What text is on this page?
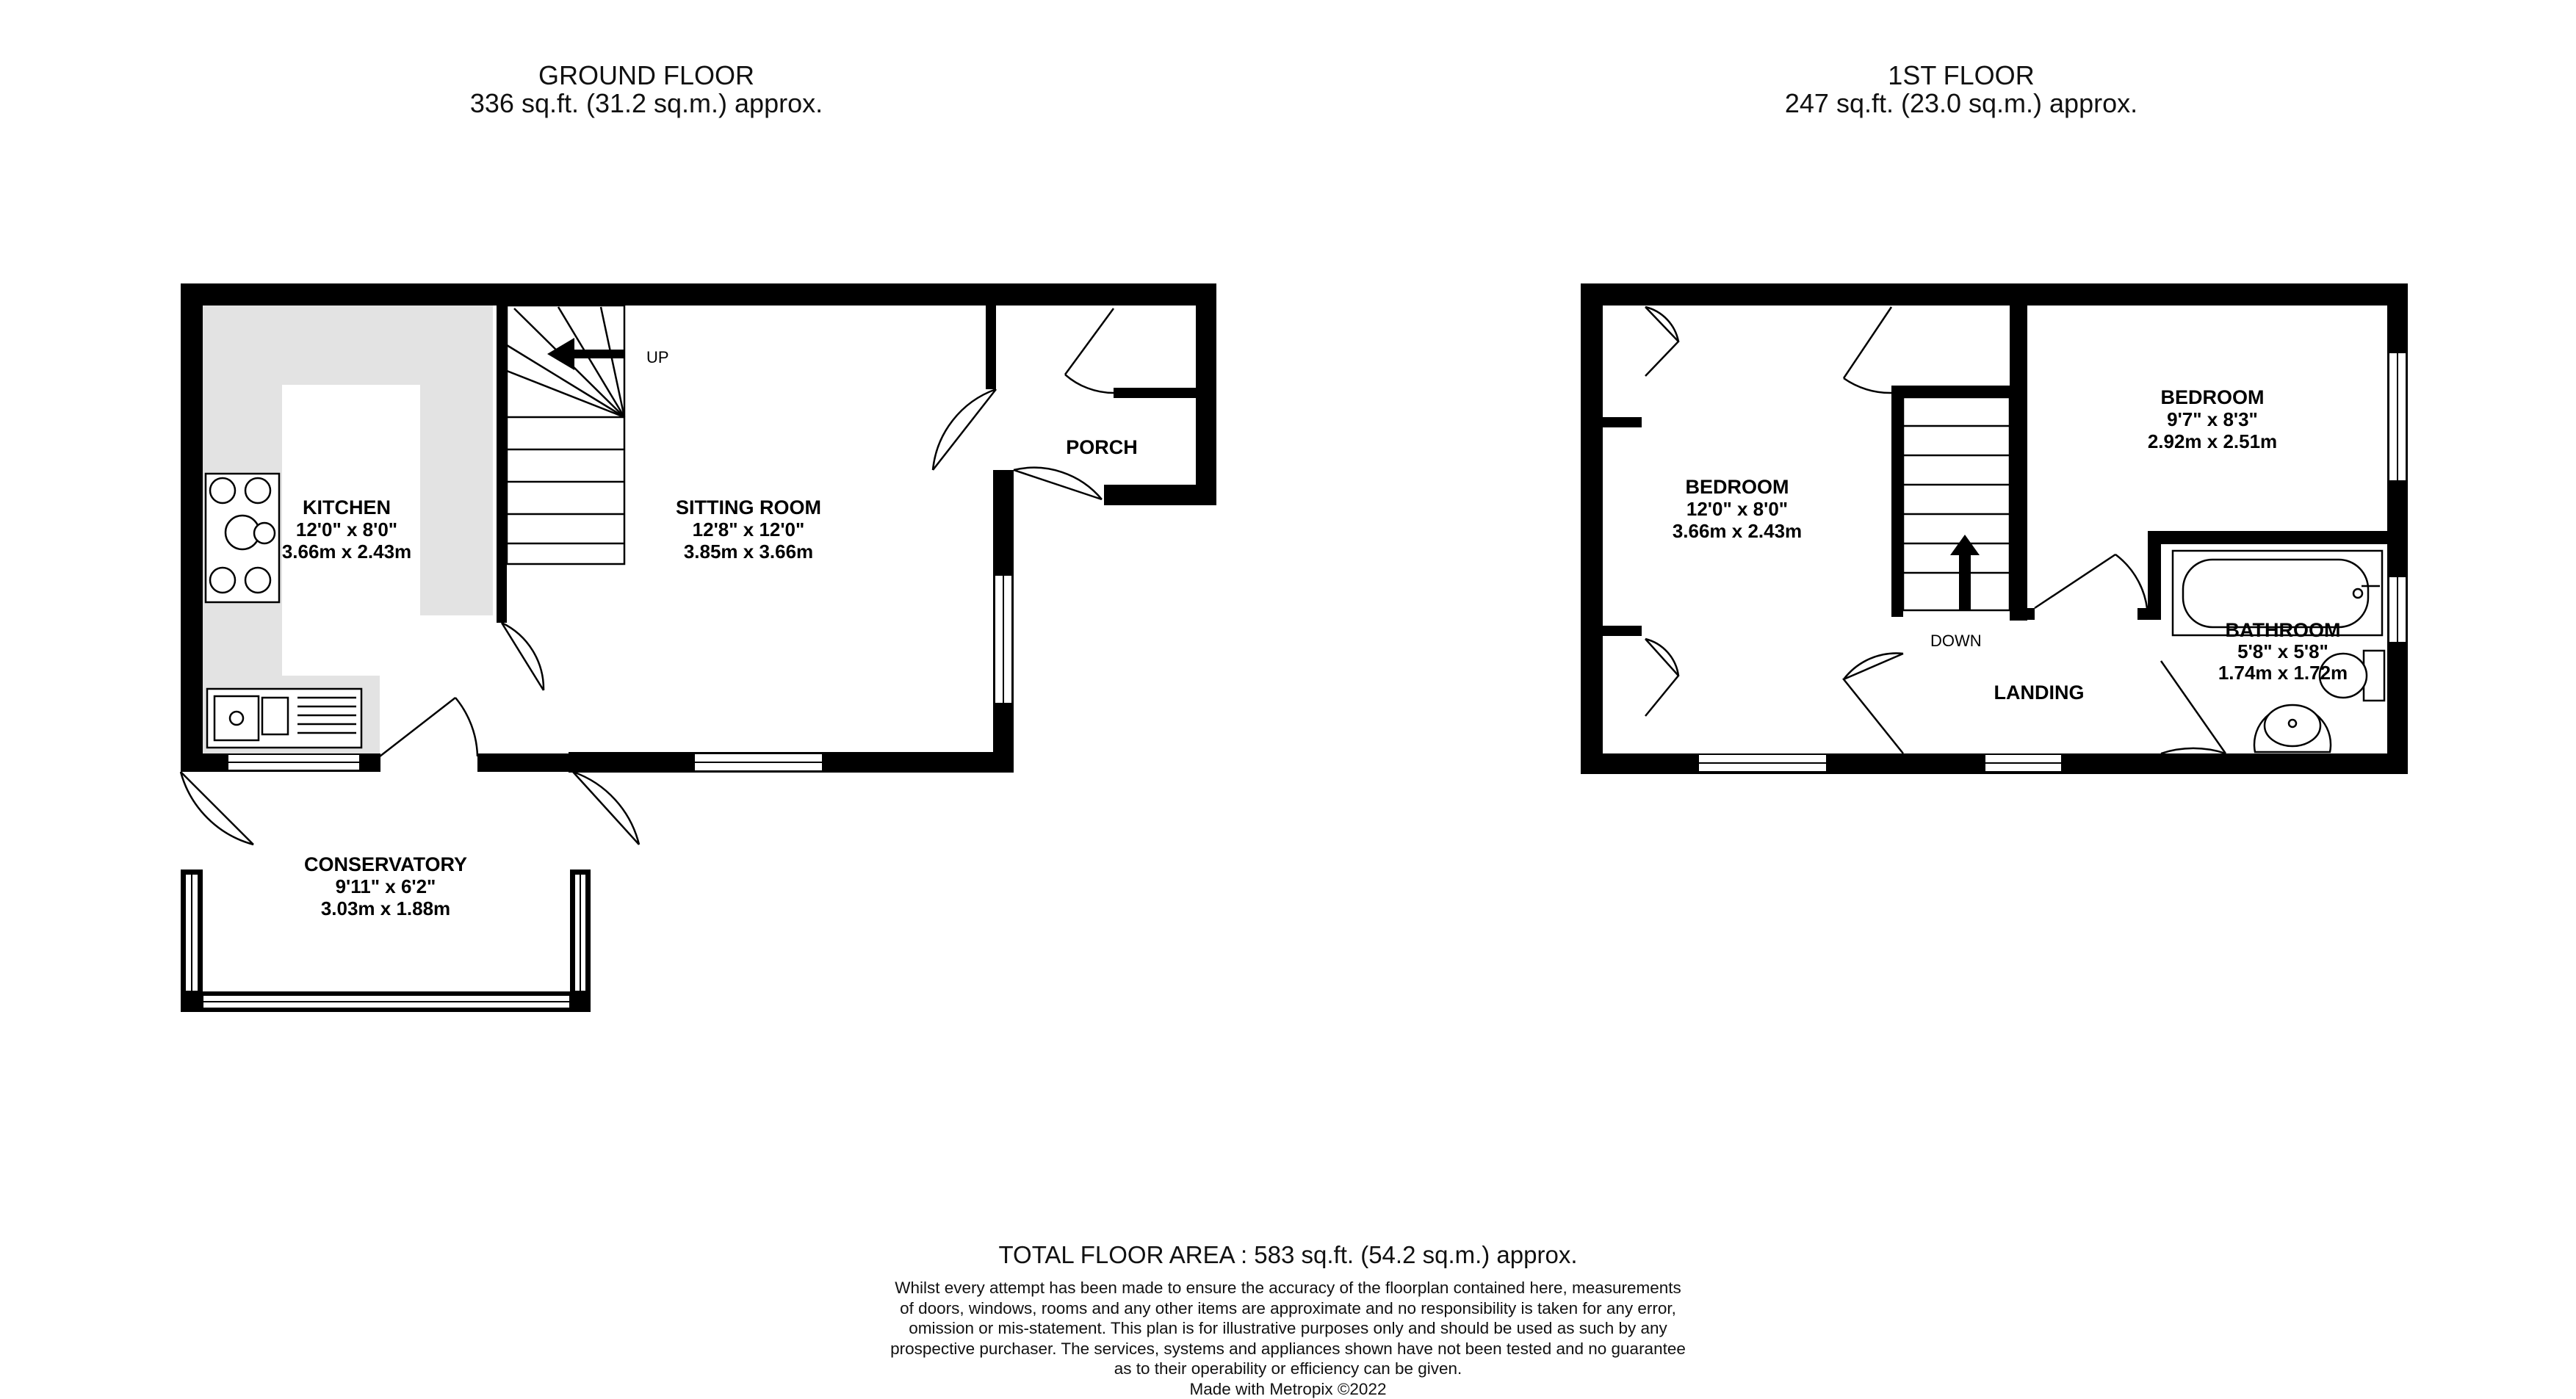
GROUND FLOOR
336 sq.ft. (31.2 sq.m.) approx.
1ST FLOOR
247 sq.ft. (23.0 sq.m.) approx.
UP
KITCHEN
12'0" x 8'0"
3.66m x 2.43m
SITTING ROOM
12'8" x 12'0"
3.85m x 3.66m
PORCH
CONSERVATORY
9'11" x 6'2"
3.03m x 1.88m
DOWN
BEDROOM
12'0" x 8'0"
3.66m x 2.43m
BEDROOM
9'7" x 8'3"
2.92m x 2.51m
BATHROOM
5'8" x 5'8"
1.74m x 1.72m
LANDING
TOTAL FLOOR AREA : 583 sq.ft. (54.2 sq.m.) approx.
Whilst every attempt has been made to ensure the accuracy of the floorplan contained here, measurements
of doors, windows, rooms and any other items are approximate and no responsibility is taken for any error,
omission or mis-statement. This plan is for illustrative purposes only and should be used as such by any
prospective purchaser. The services, systems and appliances shown have not been tested and no guarantee
as to their operability or efficiency can be given.
Made with Metropix ©2022
